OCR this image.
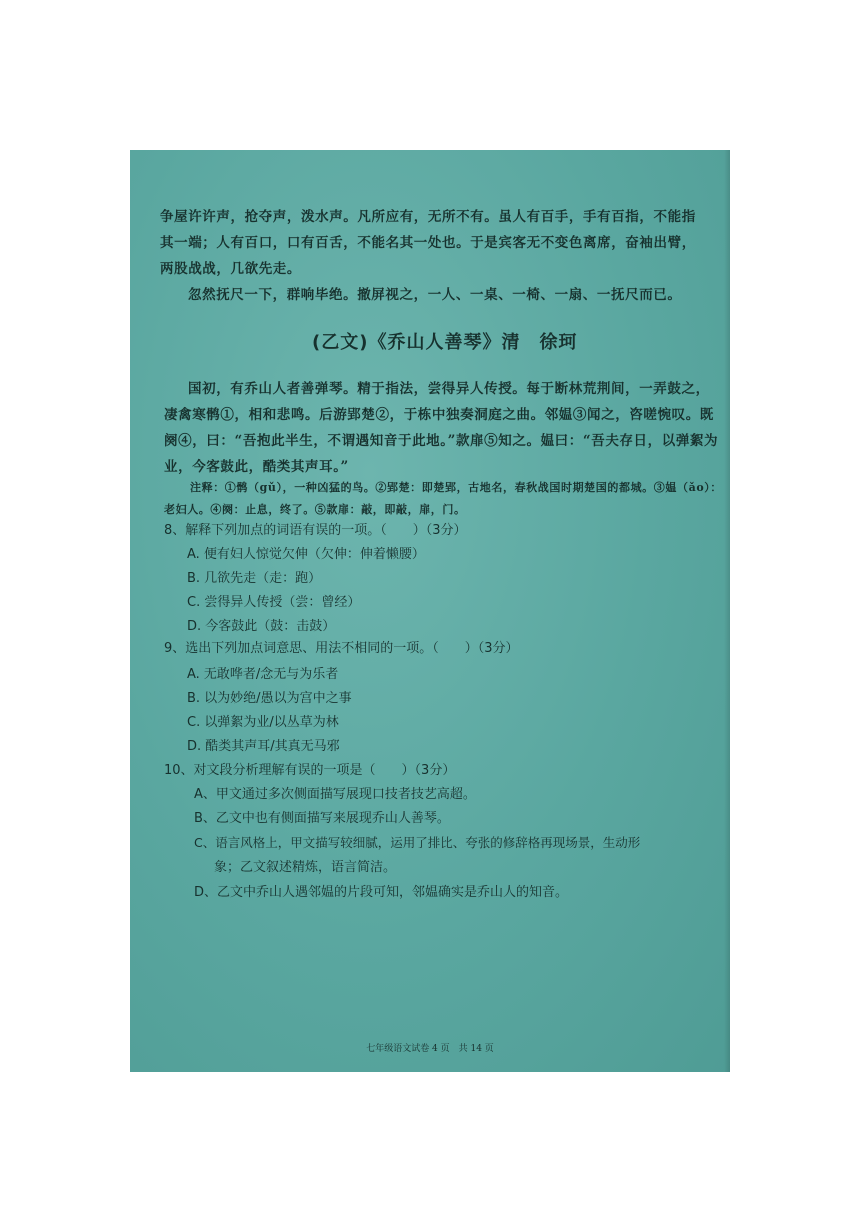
争屋许许声，抢夺声，泼水声。凡所应有，无所不有。虽人有百手，手有百指，不能指
其一端；人有百口，口有百舌，不能名其一处也。于是宾客无不变色离席，奋袖出臂，
两股战战，几欲先走。
忽然抚尺一下，群响毕绝。撤屏视之，一人、一桌、一椅、一扇、一抚尺而已。
(乙文)《乔山人善琴》清　徐珂
国初，有乔山人者善弹琴。精于指法，尝得异人传授。每于断林荒荆间，一弄鼓之，
凄禽寒鹘①，相和悲鸣。后游郢楚②，于栋中独奏洞庭之曲。邻媪③闻之，咨嗟惋叹。既
阕④，曰：“吾抱此半生，不谓遇知音于此地。”款扉⑤知之。媪曰：“吾夫存日，以弹絮为
业，今客鼓此，酷类其声耳。”
注释：①鹘（gǔ），一种凶猛的鸟。②郢楚：即楚郢，古地名，春秋战国时期楚国的都城。③媪（ǎo）：
老妇人。④阕：止息，终了。⑤款扉：敲，即敲，扉，门。
8、解释下列加点的词语有误的一项。（　　）（3分）
A. 便有妇人惊觉欠伸（欠伸：伸着懒腰）
B. 几欲先走（走：跑）
C. 尝得异人传授（尝：曾经）
D. 今客鼓此（鼓：击鼓）
9、选出下列加点词意思、用法不相同的一项。（　　）（3分）
A. 无敢哗者/念无与为乐者
B. 以为妙绝/愚以为宫中之事
C. 以弹絮为业/以丛草为林
D. 酷类其声耳/其真无马邪
10、对文段分析理解有误的一项是（　　）（3分）
A、甲文通过多次侧面描写展现口技者技艺高超。
B、乙文中也有侧面描写来展现乔山人善琴。
C、语言风格上，甲文描写较细腻，运用了排比、夸张的修辞格再现场景，生动形
象；乙文叙述精炼，语言简洁。
D、乙文中乔山人遇邻媪的片段可知，邻媪确实是乔山人的知音。
七年级语文试卷 4 页　共 14 页
